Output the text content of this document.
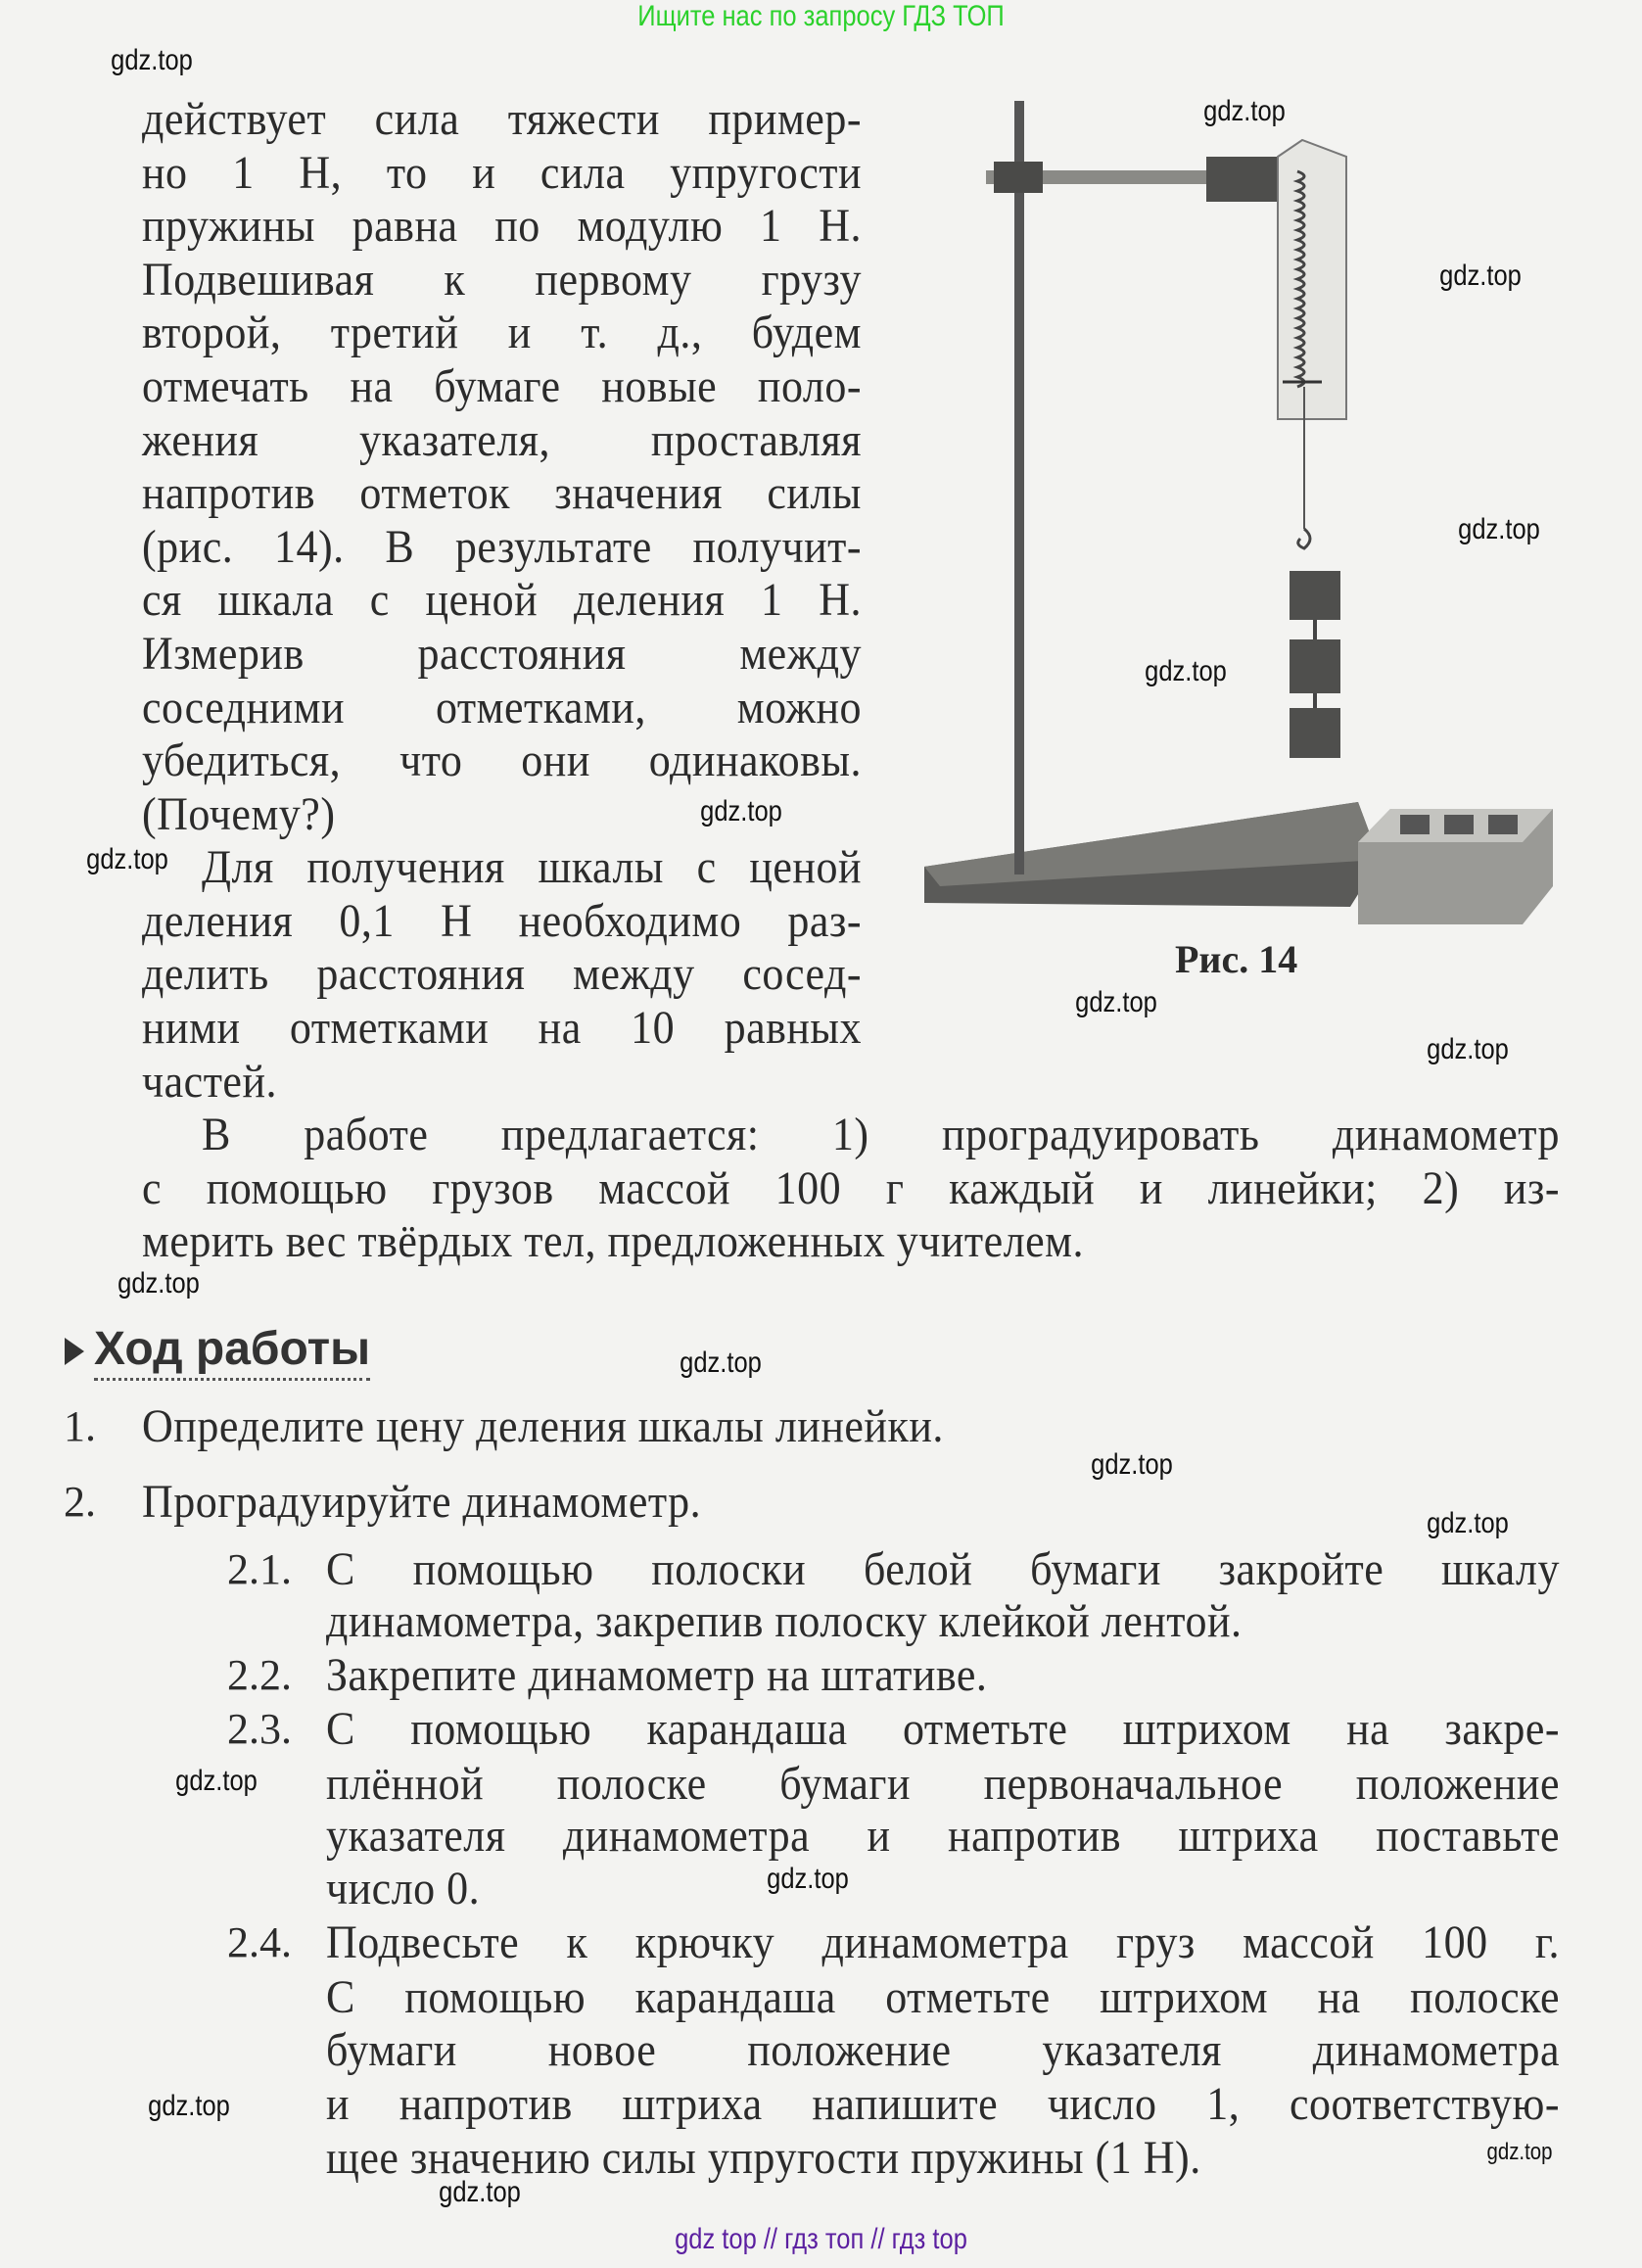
Ищите нас по запросу ГДЗ ТОП
Рис. 14
действует сила тяжести пример-
но 1 Н, то и сила упругости
пружины равна по модулю 1 Н.
Подвешивая к первому грузу
второй, третий и т. д., будем
отмечать на бумаге новые поло-
жения указателя, проставляя
напротив отметок значения силы
(рис. 14). В результате получит-
ся шкала с ценой деления 1 Н.
Измерив расстояния между
соседними отметками, можно
убедиться, что они одинаковы.
(Почему?)
Для получения шкалы с ценой
деления 0,1 Н необходимо раз-
делить расстояния между сосед-
ними отметками на 10 равных
частей.
В работе предлагается: 1) проградуировать динамометр
с помощью грузов массой 100 г каждый и линейки; 2) из-
мерить вес твёрдых тел, предложенных учителем.
Ход работы
1. Определите цену деления шкалы линейки.
2. Проградуируйте динамометр.
2.1. С помощью полоски белой бумаги закройте шкалу
динамометра, закрепив полоску клейкой лентой.
2.2. Закрепите динамометр на штативе.
2.3. С помощью карандаша отметьте штрихом на закре-
плённой полоске бумаги первоначальное положение
указателя динамометра и напротив штриха поставьте
число 0.
2.4. Подвесьте к крючку динамометра груз массой 100 г.
С помощью карандаша отметьте штрихом на полоске
бумаги новое положение указателя динамометра
и напротив штриха напишите число 1, соответствую-
щее значению силы упругости пружины (1 Н).
gdz.top
gdz.top
gdz.top
gdz.top
gdz.top
gdz.top
gdz.top
gdz.top
gdz.top
gdz.top
gdz.top
gdz.top
gdz.top
gdz.top
gdz.top
gdz.top
gdz.top
gdz.top
gdz top // гдз топ // гдз top
